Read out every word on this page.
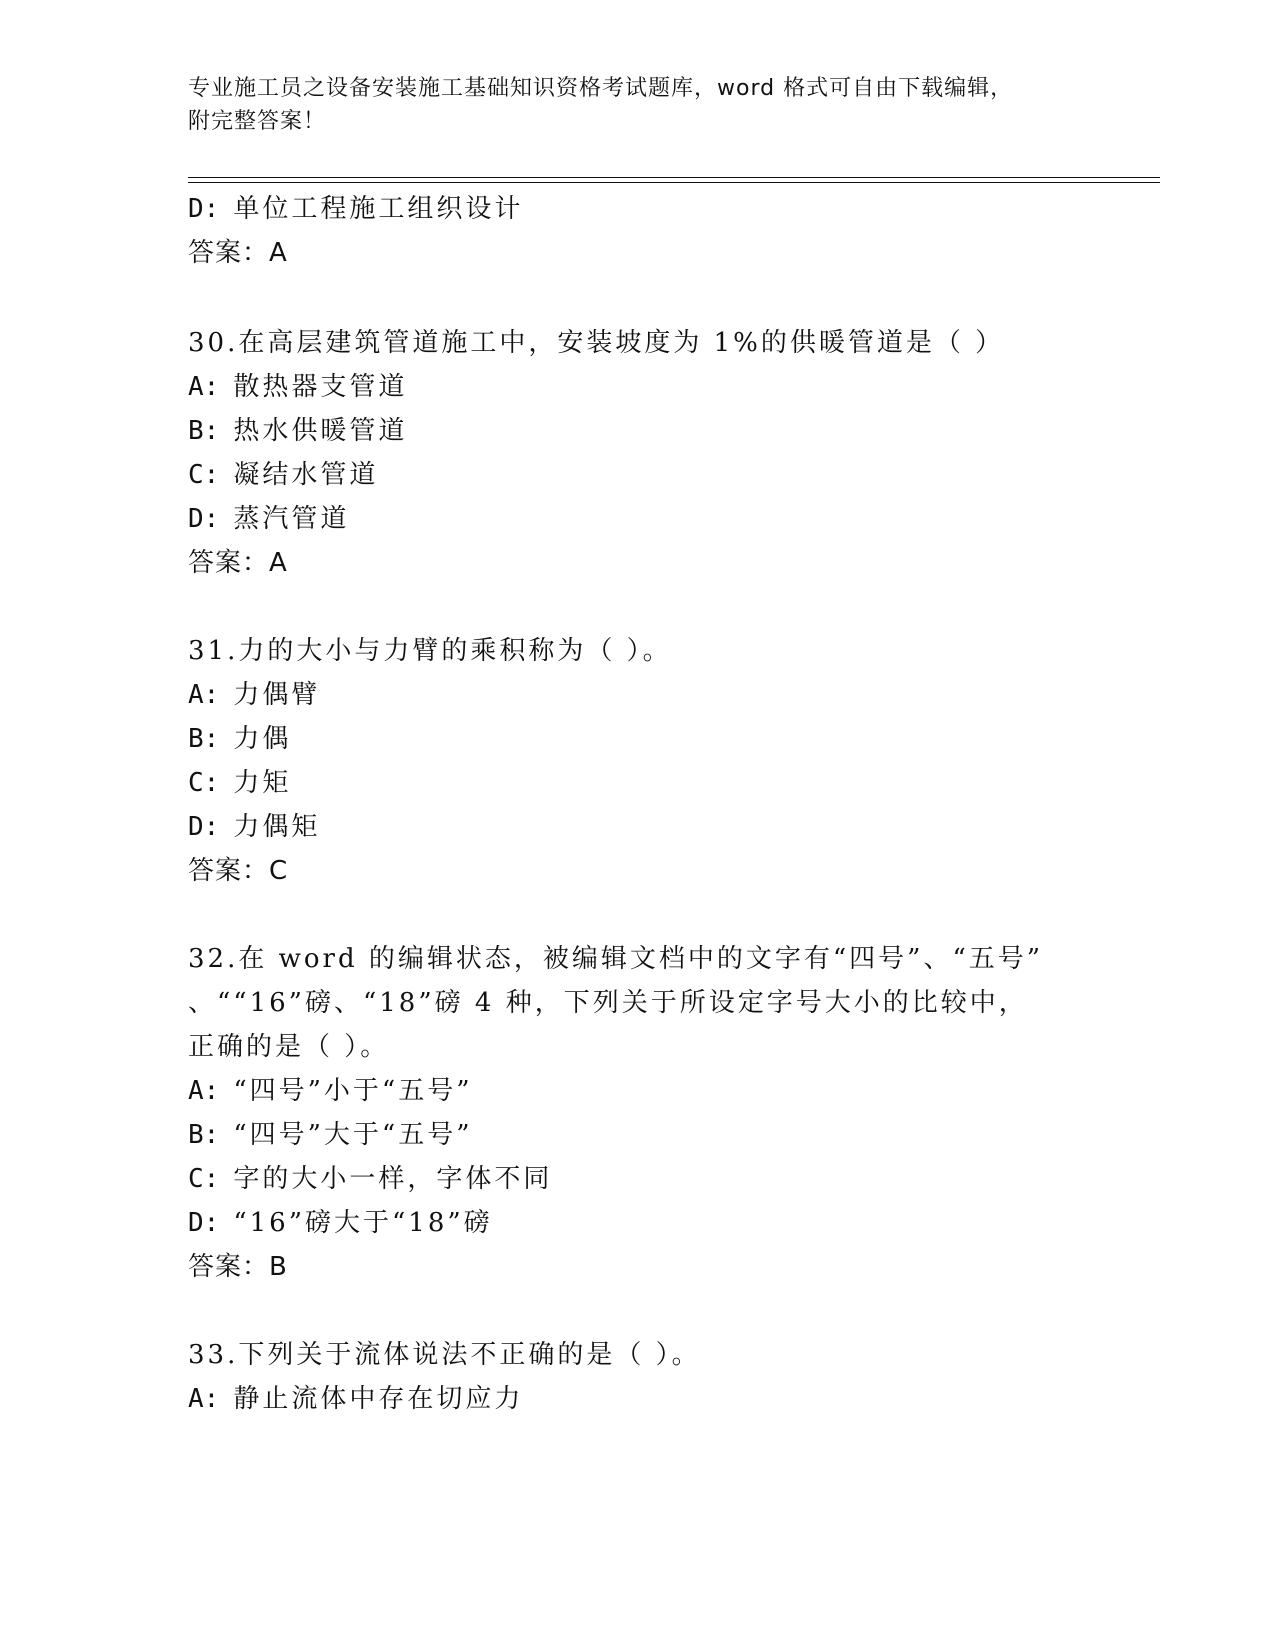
专业施工员之设备安装施工基础知识资格考试题库，word 格式可自由下载编辑，
附完整答案！
D: 单位工程施工组织设计
答案：A
30.在高层建筑管道施工中，安装坡度为 1%的供暖管道是（ ）
A: 散热器支管道
B: 热水供暖管道
C: 凝结水管道
D: 蒸汽管道
答案：A
31.力的大小与力臂的乘积称为（ ）。
A: 力偶臂
B: 力偶
C: 力矩
D: 力偶矩
答案：C
32.在 word 的编辑状态，被编辑文档中的文字有“四号”、“五号”
、““16”磅、“18”磅 4 种，下列关于所设定字号大小的比较中，
正确的是（ ）。
A: “四号”小于“五号”
B: “四号”大于“五号”
C: 字的大小一样，字体不同
D: “16”磅大于“18”磅
答案：B
33.下列关于流体说法不正确的是（ ）。
A: 静止流体中存在切应力
